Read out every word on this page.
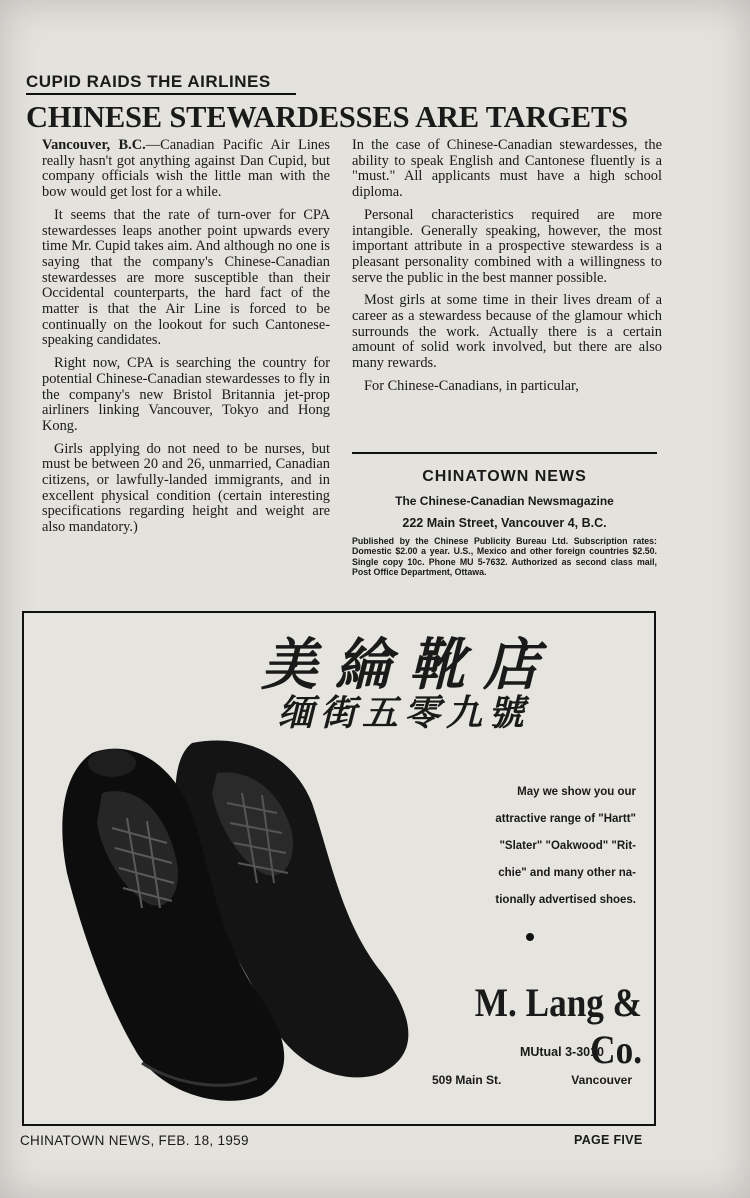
CUPID RAIDS THE AIRLINES
CHINESE STEWARDESSES ARE TARGETS

Vancouver, B.C.—Canadian Pacific Air Lines really hasn't got anything against Dan Cupid, but company officials wish the little man with the bow would get lost for a while.

It seems that the rate of turn-over for CPA stewardesses leaps another point upwards every time Mr. Cupid takes aim. And although no one is saying that the company's Chinese-Canadian stewardesses are more susceptible than their Occidental counterparts, the hard fact of the matter is that the Air Line is forced to be continually on the lookout for such Cantonese-speaking candidates.

Right now, CPA is searching the country for potential Chinese-Canadian stewardesses to fly in the company's new Bristol Britannia jet-prop airliners linking Vancouver, Tokyo and Hong Kong.

Girls applying do not need to be nurses, but must be between 20 and 26, unmarried, Canadian citizens, or lawfully-landed immigrants, and in excellent physical condition (certain interesting specifications regarding height and weight are also mandatory.)

In the case of Chinese-Canadian stewardesses, the ability to speak English and Cantonese fluently is a "must." All applicants must have a high school diploma.

Personal characteristics required are more intangible. Generally speaking, however, the most important attribute in a prospective stewardess is a pleasant personality combined with a willingness to serve the public in the best manner possible.

Most girls at some time in their lives dream of a career as a stewardess because of the glamour which surrounds the work. Actually there is a certain amount of solid work involved, but there are also many rewards.

For Chinese-Canadians, in particular,

CHINATOWN NEWS
The Chinese-Canadian Newsmagazine
222 Main Street, Vancouver 4, B.C.
Published by the Chinese Publicity Bureau Ltd. Subscription rates: Domestic $2.00 a year. U.S., Mexico and other foreign countries $2.50. Single copy 10c. Phone MU 5-7632. Authorized as second class mail, Post Office Department, Ottawa.
美綸靴店
缅街五零九號
May we show you our
attractive range of "Hartt"
"Slater" "Oakwood" "Rit-
chie" and many other na-
tionally advertised shoes.
M. Lang & Co.
MUtual 3-3010
509 Main St.	Vancouver
CHINATOWN NEWS, FEB. 18, 1959	PAGE FIVE
